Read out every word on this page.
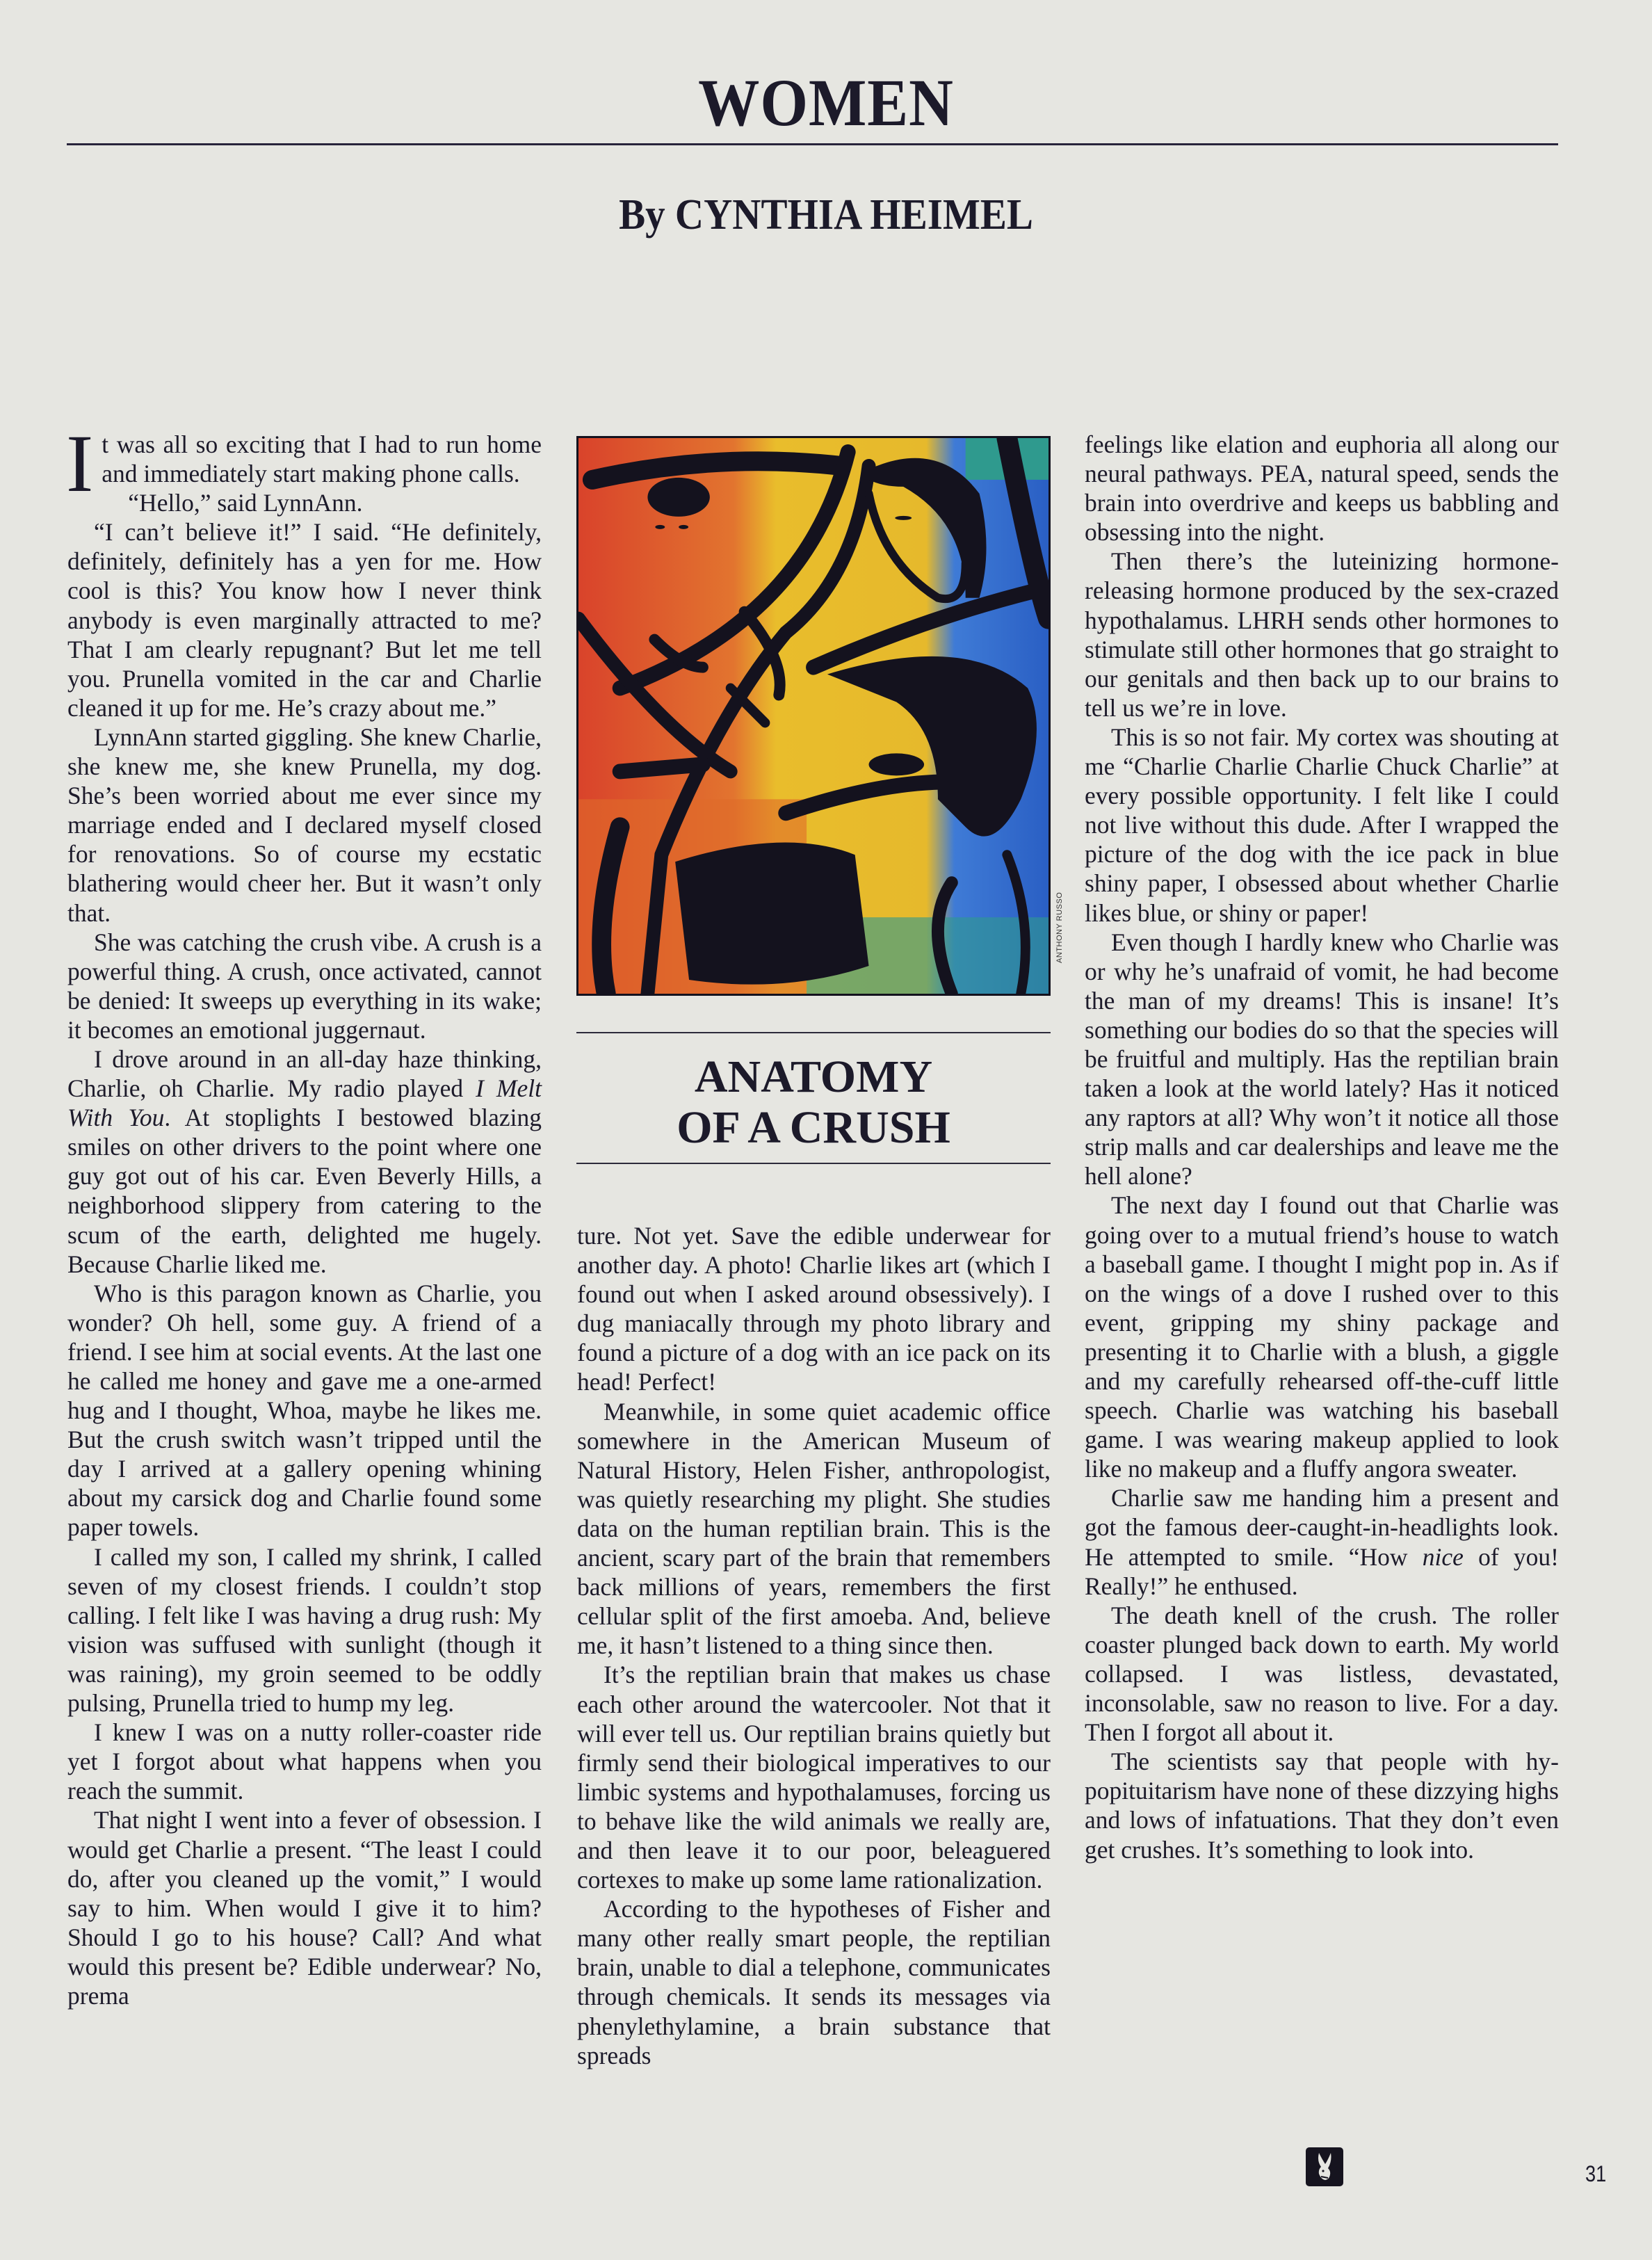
WOMEN
By CYNTHIA HEIMEL

It was all so exciting that I had to run home and immediately start making phone calls.

“Hello,” said LynnAnn.

“I can’t believe it!” I said. “He definitely, definitely, definitely has a yen for me. How cool is this? You know how I never think anybody is even marginally attracted to me? That I am clearly repugnant? But let me tell you. Prunella vomited in the car and Charlie cleaned it up for me. He’s crazy about me.”

LynnAnn started giggling. She knew Charlie, she knew me, she knew Prunella, my dog. She’s been worried about me ever since my marriage ended and I declared myself closed for renovations. So of course my ecstatic blathering would cheer her. But it wasn’t only that.

She was catching the crush vibe. A crush is a powerful thing. A crush, once activated, cannot be denied: It sweeps up everything in its wake; it becomes an emotional juggernaut.

I drove around in an all-day haze thinking, Charlie, oh Charlie. My radio played I Melt With You. At stoplights I bestowed blazing smiles on other drivers to the point where one guy got out of his car. Even Beverly Hills, a neighborhood slippery from catering to the scum of the earth, delighted me hugely. Because Charlie liked me.

Who is this paragon known as Charlie, you wonder? Oh hell, some guy. A friend of a friend. I see him at social events. At the last one he called me honey and gave me a one-armed hug and I thought, Whoa, maybe he likes me. But the crush switch wasn’t tripped until the day I arrived at a gallery opening whining about my carsick dog and Charlie found some paper towels.

I called my son, I called my shrink, I called seven of my closest friends. I couldn’t stop calling. I felt like I was having a drug rush: My vision was suffused with sunlight (though it was raining), my groin seemed to be oddly pulsing, Prunella tried to hump my leg.

I knew I was on a nutty roller-coaster ride yet I forgot about what happens when you reach the summit.

That night I went into a fever of obsession. I would get Charlie a present. “The least I could do, after you cleaned up the vomit,” I would say to him. When would I give it to him? Should I go to his house? Call? And what would this present be? Edible underwear? No, prema

ANTHONY RUSSO
ANATOMY
OF A CRUSH

ture. Not yet. Save the edible underwear for another day. A photo! Charlie likes art (which I found out when I asked around obsessively). I dug maniacally through my photo library and found a picture of a dog with an ice pack on its head! Perfect!

Meanwhile, in some quiet academic office somewhere in the American Museum of Natural History, Helen Fisher, anthropologist, was quietly researching my plight. She studies data on the human reptilian brain. This is the ancient, scary part of the brain that remembers back millions of years, remembers the first cellular split of the first amoeba. And, believe me, it hasn’t listened to a thing since then.

It’s the reptilian brain that makes us chase each other around the watercooler. Not that it will ever tell us. Our reptilian brains quietly but firmly send their biological imperatives to our limbic systems and hypothalamuses, forcing us to behave like the wild animals we really are, and then leave it to our poor, beleaguered cortexes to make up some lame rationalization.

According to the hypotheses of Fisher and many other really smart people, the reptilian brain, unable to dial a telephone, communicates through chemicals. It sends its messages via phenylethylamine, a brain substance that spreads

feelings like elation and euphoria all along our neural pathways. PEA, natural speed, sends the brain into overdrive and keeps us babbling and obsessing into the night.

Then there’s the luteinizing hormone-releasing hormone produced by the sex-crazed hypothalamus. LHRH sends other hormones to stimulate still other hormones that go straight to our genitals and then back up to our brains to tell us we’re in love.

This is so not fair. My cortex was shouting at me “Charlie Charlie Charlie Chuck Charlie” at every possible opportunity. I felt like I could not live without this dude. After I wrapped the picture of the dog with the ice pack in blue shiny paper, I obsessed about whether Charlie likes blue, or shiny or paper!

Even though I hardly knew who Charlie was or why he’s unafraid of vomit, he had become the man of my dreams! This is insane! It’s something our bodies do so that the species will be fruitful and multiply. Has the reptilian brain taken a look at the world lately? Has it noticed any raptors at all? Why won’t it notice all those strip malls and car dealerships and leave me the hell alone?

The next day I found out that Charlie was going over to a mutual friend’s house to watch a baseball game. I thought I might pop in. As if on the wings of a dove I rushed over to this event, gripping my shiny package and presenting it to Charlie with a blush, a giggle and my carefully rehearsed off-the-cuff little speech. Charlie was watching his baseball game. I was wearing makeup applied to look like no makeup and a fluffy angora sweater.

Charlie saw me handing him a present and got the famous deer-caught-in-headlights look. He attempted to smile. “How nice of you! Really!” he enthused.

The death knell of the crush. The roller coaster plunged back down to earth. My world collapsed. I was listless, devastated, inconsolable, saw no reason to live. For a day. Then I forgot all about it.

The scientists say that people with hypopituitarism have none of these dizzying highs and lows of infatuations. That they don’t even get crushes. It’s something to look into.

31
